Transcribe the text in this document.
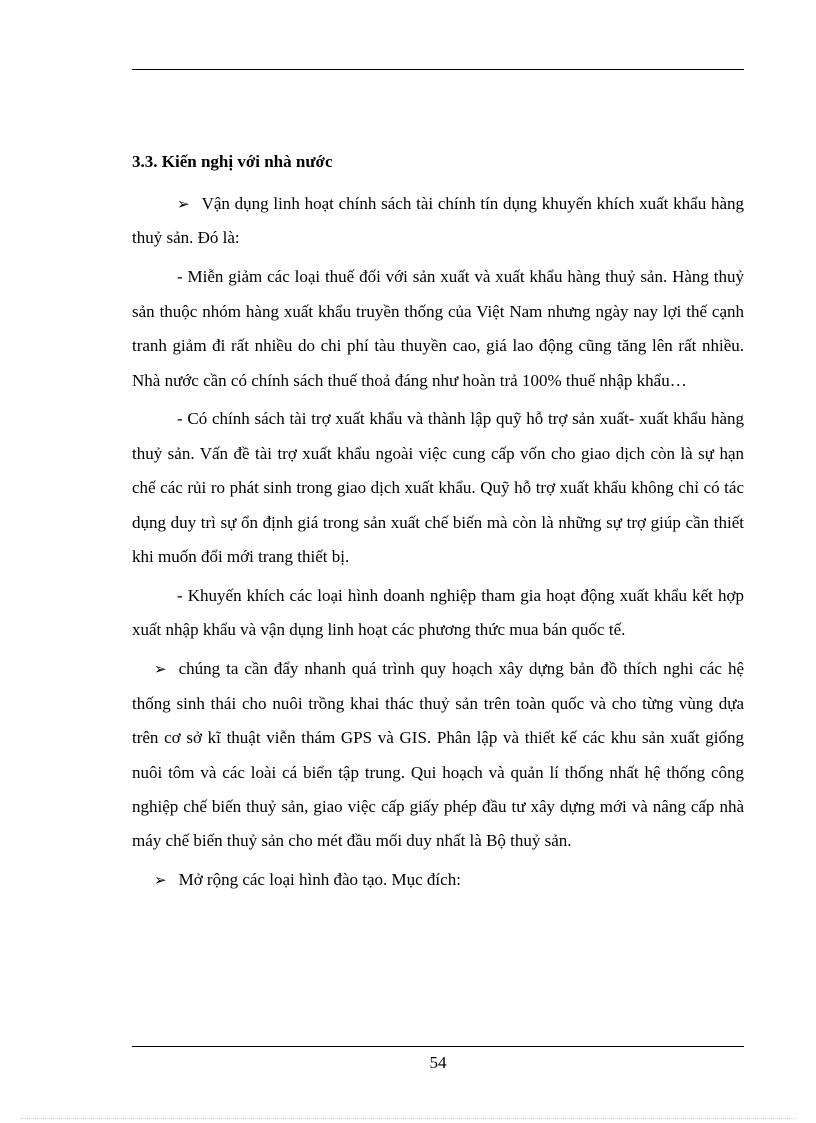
3.3. Kiến nghị với nhà nước

➢ Vận dụng linh hoạt chính sách tài chính tín dụng khuyến khích xuất khẩu hàng thuỷ sản. Đó là:

- Miễn giảm các loại thuế đối với sản xuất và xuất khẩu hàng thuỷ sản. Hàng thuỷ sản thuộc nhóm hàng xuất khẩu truyền thống của Việt Nam nhưng ngày nay lợi thế cạnh tranh giảm đi rất nhiều do chi phí tàu thuyền cao, giá lao động cũng tăng lên rất nhiều. Nhà nước cần có chính sách thuế thoả đáng như hoàn trả 100% thuế nhập khẩu…

- Có chính sách tài trợ xuất khẩu và thành lập quỹ hỗ trợ sản xuất- xuất khẩu hàng thuỷ sản. Vấn đề tài trợ xuất khẩu ngoài việc cung cấp vốn cho giao dịch còn là sự hạn chế các rủi ro phát sinh trong giao dịch xuất khẩu. Quỹ hỗ trợ xuất khẩu không chỉ có tác dụng duy trì sự ổn định giá trong sản xuất chế biến mà còn là những sự trợ giúp cần thiết khi muốn đổi mới trang thiết bị.

- Khuyến khích các loại hình doanh nghiệp tham gia hoạt động xuất khẩu kết hợp xuất nhập khẩu và vận dụng linh hoạt các phương thức mua bán quốc tế.

➢ chúng ta cần đẩy nhanh quá trình quy hoạch xây dựng bản đồ thích nghi các hệ thống sinh thái cho nuôi trồng khai thác thuỷ sản trên toàn quốc và cho từng vùng dựa trên cơ sở kĩ thuật viễn thám GPS và GIS. Phân lập và thiết kế các khu sản xuất giống nuôi tôm và các loài cá biển tập trung. Qui hoạch và quản lí thống nhất hệ thống công nghiệp chế biến thuỷ sản, giao việc cấp giấy phép đầu tư xây dựng mới và nâng cấp nhà máy chế biến thuỷ sản cho mét đầu mối duy nhất là Bộ thuỷ sản.

➢ Mở rộng các loại hình đào tạo. Mục đích:

54
